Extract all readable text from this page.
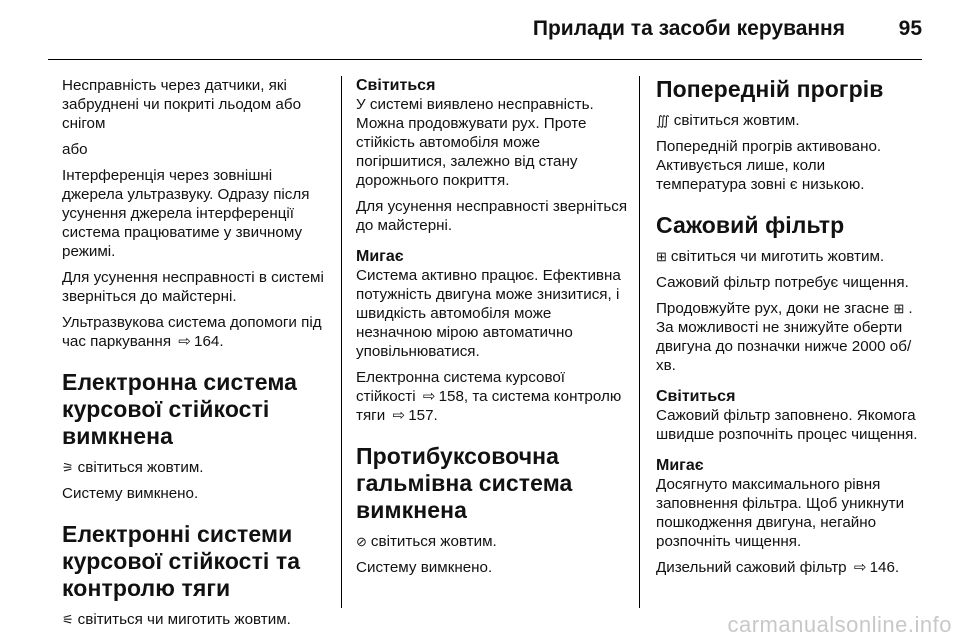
Прилади та засоби керування	95

Несправність через датчики, які забруднені чи покриті льодом або снігом

або

Інтерференція через зовнішні джерела ультразвуку. Одразу після усунення джерела інтерференції система працюватиме у звичному режимі.

Для усунення несправності в системі зверніться до майстерні.

Ультразвукова система допомоги під час паркування ⇨ 164.

Електронна система курсової стійкості вимкнена

⚞ світиться жовтим.

Систему вимкнено.

Електронні системи курсової стійкості та контролю тяги

⚟ світиться чи миготить жовтим.

Світиться

У системі виявлено несправність. Можна продовжувати рух. Проте стійкість автомобіля може погіршитися, залежно від стану дорожнього покриття.

Для усунення несправності зверніться до майстерні.

Мигає

Система активно працює. Ефективна потужність двигуна може знизитися, і швидкість автомобіля може незначною мірою автоматично уповільнюватися.

Електронна система курсової стійкості ⇨ 158, та система контролю тяги ⇨ 157.

Протибуксовочна гальмівна система вимкнена

⊘ світиться жовтим.

Систему вимкнено.

Попередній прогрів

∭ світиться жовтим.

Попередній прогрів активовано. Активується лише, коли температура зовні є низькою.

Сажовий фільтр

⊞ світиться чи миготить жовтим.

Сажовий фільтр потребує чищення.

Продовжуйте рух, доки не згасне ⊞ . За можливості не знижуйте оберти двигуна до позначки нижче 2000 об/хв.

Світиться

Сажовий фільтр заповнено. Якомога швидше розпочніть процес чищення.

Мигає

Досягнуто максимального рівня заповнення фільтра. Щоб уникнути пошкодження двигуна, негайно розпочніть чищення.

Дизельний сажовий фільтр ⇨ 146.

carmanualsonline.info
